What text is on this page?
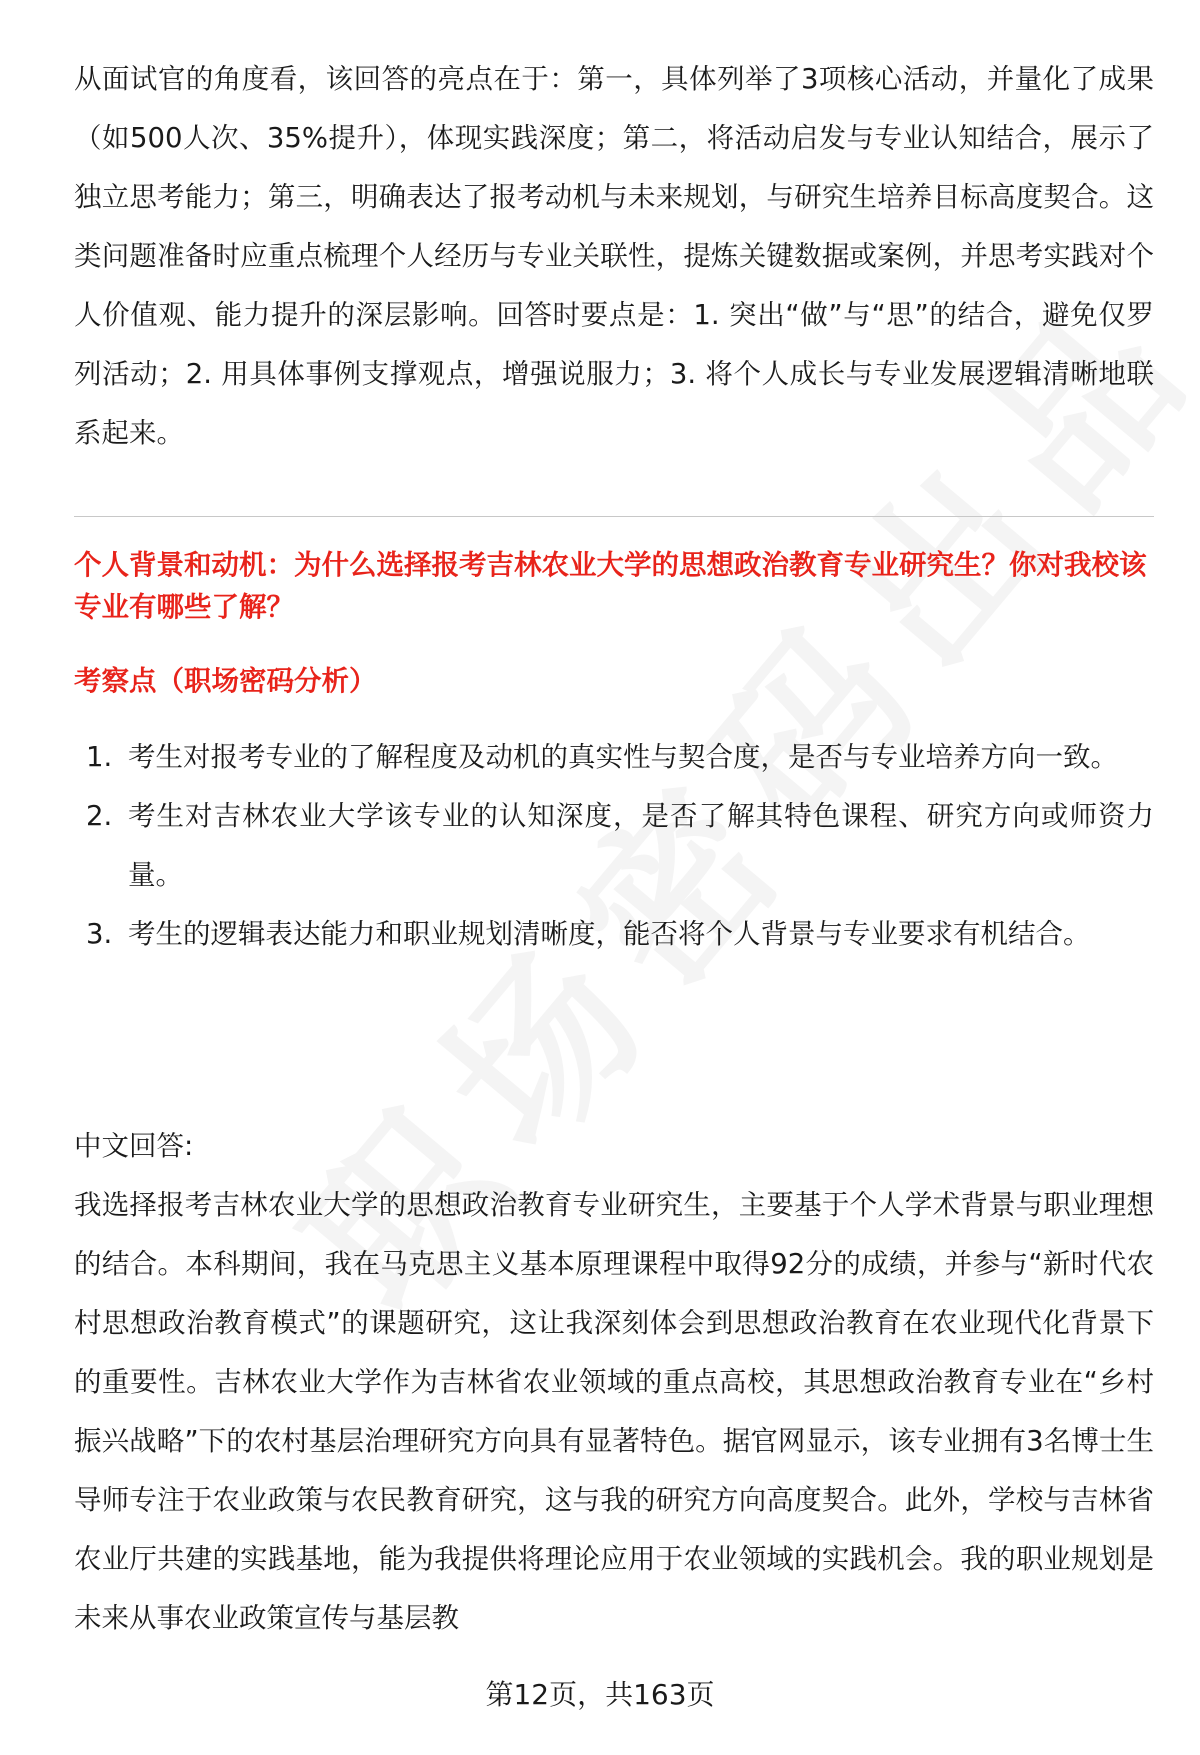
从面试官的角度看，该回答的亮点在于：第一，具体列举了3项核心活动，并量化了成果（如500人次、35%提升），体现实践深度；第二，将活动启发与专业认知结合，展示了独立思考能力；第三，明确表达了报考动机与未来规划，与研究生培养目标高度契合。这类问题准备时应重点梳理个人经历与专业关联性，提炼关键数据或案例，并思考实践对个人价值观、能力提升的深层影响。回答时要点是：1. 突出“做”与“思”的结合，避免仅罗列活动；2. 用具体事例支撑观点，增强说服力；3. 将个人成长与专业发展逻辑清晰地联系起来。

个人背景和动机：为什么选择报考吉林农业大学的思想政治教育专业研究生？你对我校该专业有哪些了解？

考察点（职场密码分析）

1. 考生对报考专业的了解程度及动机的真实性与契合度，是否与专业培养方向一致。
2. 考生对吉林农业大学该专业的认知深度，是否了解其特色课程、研究方向或师资力量。
3. 考生的逻辑表达能力和职业规划清晰度，能否将个人背景与专业要求有机结合。

中文回答:

我选择报考吉林农业大学的思想政治教育专业研究生，主要基于个人学术背景与职业理想的结合。本科期间，我在马克思主义基本原理课程中取得92分的成绩，并参与“新时代农村思想政治教育模式”的课题研究，这让我深刻体会到思想政治教育在农业现代化背景下的重要性。吉林农业大学作为吉林省农业领域的重点高校，其思想政治教育专业在“乡村振兴战略”下的农村基层治理研究方向具有显著特色。据官网显示，该专业拥有3名博士生导师专注于农业政策与农民教育研究，这与我的研究方向高度契合。此外，学校与吉林省农业厅共建的实践基地，能为我提供将理论应用于农业领域的实践机会。我的职业规划是未来从事农业政策宣传与基层教

第12页，共163页
